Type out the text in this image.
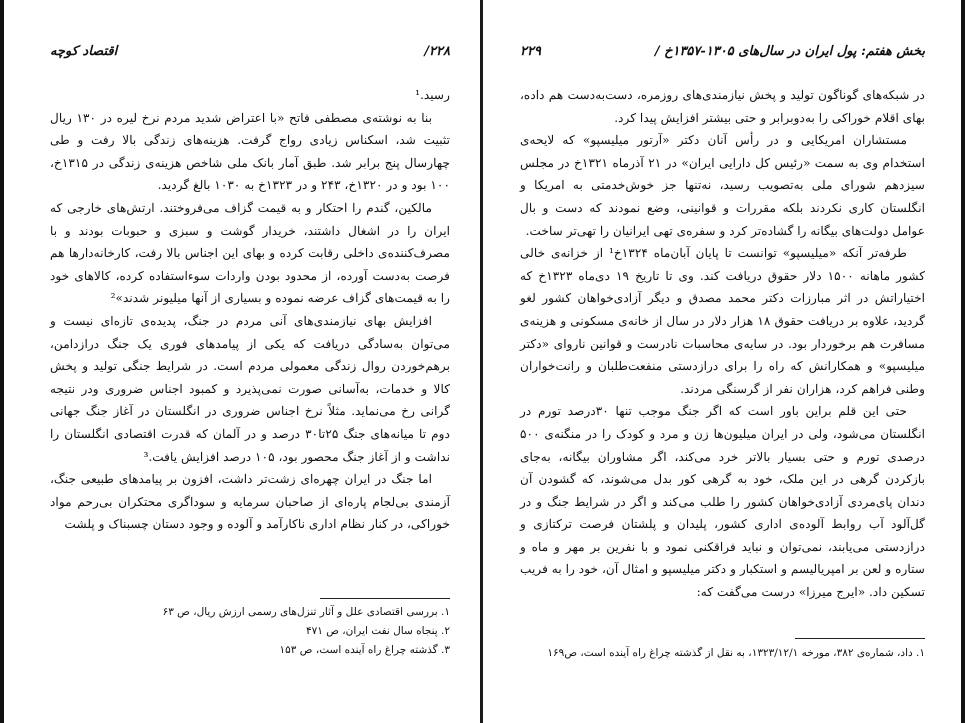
۲۲۸/
اقتصاد کوچه

رسید.¹

بنا به نوشته‌ی مصطفی فاتح «با اعتراض شدید مردم نرخ لیره در ۱۳۰ ریال تثبیت شد، اسکناس زیادی رواج گرفت. هزینه‌های زندگی بالا رفت و طی چهارسال پنج برابر شد. طبق آمار بانک ملی شاخص هزینه‌ی زندگی در ۱۳۱۵خ، ۱۰۰ بود و در ۱۳۲۰خ، ۲۴۳ و در ۱۳۲۳خ به ۱۰۳۰ بالغ گردید.

مالکین، گندم را احتکار و به قیمت گزاف می‌فروختند. ارتش‌های خارجی که ایران را در اشغال داشتند، خریدار گوشت و سبزی و حبوبات بودند و با مصرف‌کننده‌ی داخلی رقابت کرده و بهای این اجناس بالا رفت، کارخانه‌دارها هم فرصت به‌دست آورده، از محدود بودن واردات سوءاستفاده کرده، کالاهای خود را به قیمت‌های گزاف عرضه نموده و بسیاری از آنها میلیونر شدند»²

افزایش بهای نیازمندی‌های آنی مردم در جنگ، پدیده‌ی تازه‌ای نیست و می‌توان به‌سادگی دریافت که یکی از پیامدهای فوری یک جنگ درازدامن، برهم‌خوردن روال زندگی معمولی مردم است. در شرایط جنگی تولید و پخش کالا و خدمات، به‌آسانی صورت نمی‌پذیرد و کمبود اجناس ضروری ودر نتیجه گرانی رخ می‌نماید. مثلاً نرخ اجناس ضروری در انگلستان در آغاز جنگ جهانی دوم تا میانه‌های جنگ ۲۵تا۳۰ درصد و در آلمان که قدرت اقتصادی انگلستان را نداشت و از آغاز جنگ محصور بود، ۱۰۵ درصد افزایش یافت.³

اما جنگ در ایران چهره‌ای زشت‌تر داشت، افزون بر پیامدهای طبیعی جنگ، آزمندی بی‌لجام پاره‌ای از صاحبان سرمایه و سوداگری محتکران بی‌رحم مواد خوراکی، در کنار نظام اداری ناکارآمد و آلوده و وجود دستان چسبناک و پلشت

۱. بررسی اقتصادی علل و آثار تنزل‌های رسمی ارزش ریال، ص ۶۳
۲. پنجاه سال نفت ایران، ص ۴۷۱
۳. گذشته چراغ راه آینده است، ص ۱۵۳
بخش هفتم: پول ایران در سال‌های ۱۳۰۵-۱۳۵۷خ /
۲۲۹

در شبکه‌های گوناگون تولید و پخش نیازمندی‌های روزمره، دست‌به‌دست هم داده، بهای اقلام خوراکی را به‌دوبرابر و حتی بیشتر افزایش پیدا کرد.

مستشاران امریکایی و در رأس آنان دکتر «آرتور میلیسپو» که لایحه‌ی استخدام وی به سمت «رئیس کل دارایی ایران» در ۲۱ آذرماه ۱۳۲۱خ در مجلس سیزدهم شورای ملی به‌تصویب رسید، نه‌تنها جز خوش‌خدمتی به امریکا و انگلستان کاری نکردند بلکه مقررات و قوانینی، وضع نمودند که دست و بال عوامل دولت‌های بیگانه را گشاده‌تر کرد و سفره‌ی تهی ایرانیان را تهی‌تر ساخت.

طرفه‌تر آنکه «میلیسپو» توانست تا پایان آبان‌ماه ۱۳۲۴خ¹ از خزانه‌ی خالی کشور ماهانه ۱۵۰۰ دلار حقوق دریافت کند. وی تا تاریخ ۱۹ دی‌ماه ۱۳۲۳خ که اختیاراتش در اثر مبارزات دکتر محمد مصدق و دیگر آزادی‌خواهان کشور لغو گردید، علاوه بر دریافت حقوق ۱۸ هزار دلار در سال از خانه‌ی مسکونی و هزینه‌ی مسافرت هم برخوردار بود. در سایه‌ی محاسبات نادرست و قوانین ناروای «دکتر میلیسپو» و همکارانش که راه را برای درازدستی منفعت‌طلبان و رانت‌خواران وطنی فراهم کرد، هزاران نفر از گرسنگی مردند.

حتی این قلم براین باور است که اگر جنگ موجب تنها ۳۰درصد تورم در انگلستان می‌شود، ولی در ایران میلیون‌ها زن و مرد و کودک را در منگنه‌ی ۵۰۰ درصدی تورم و حتی بسیار بالاتر خرد می‌کند، اگر مشاوران بیگانه، به‌جای بازکردن گرهی در این ملک، خود به گرهی کور بدل می‌شوند، که گشودن آن دندان پای‌مردی آزادی‌خواهان کشور را طلب می‌کند و اگر در شرایط جنگ و در گل‌آلود آب روابط آلوده‌ی اداری کشور، پلیدان و پلشتان فرصت ترکتازی و درازدستی می‌یابند، نمی‌توان و نباید فراقکنی نمود و با نفرین بر مهر و ماه و ستاره و لعن بر امپریالیسم و استکبار و دکتر میلیسپو و امثال آن، خود را به فریب تسکین داد. «ایرج میرزا» درست می‌گفت که:

۱. داد، شماره‌ی ۳۸۲، مورخه ۱۳۲۳/۱۲/۱، به نقل از گذشته چراغ راه آینده است، ص۱۶۹
